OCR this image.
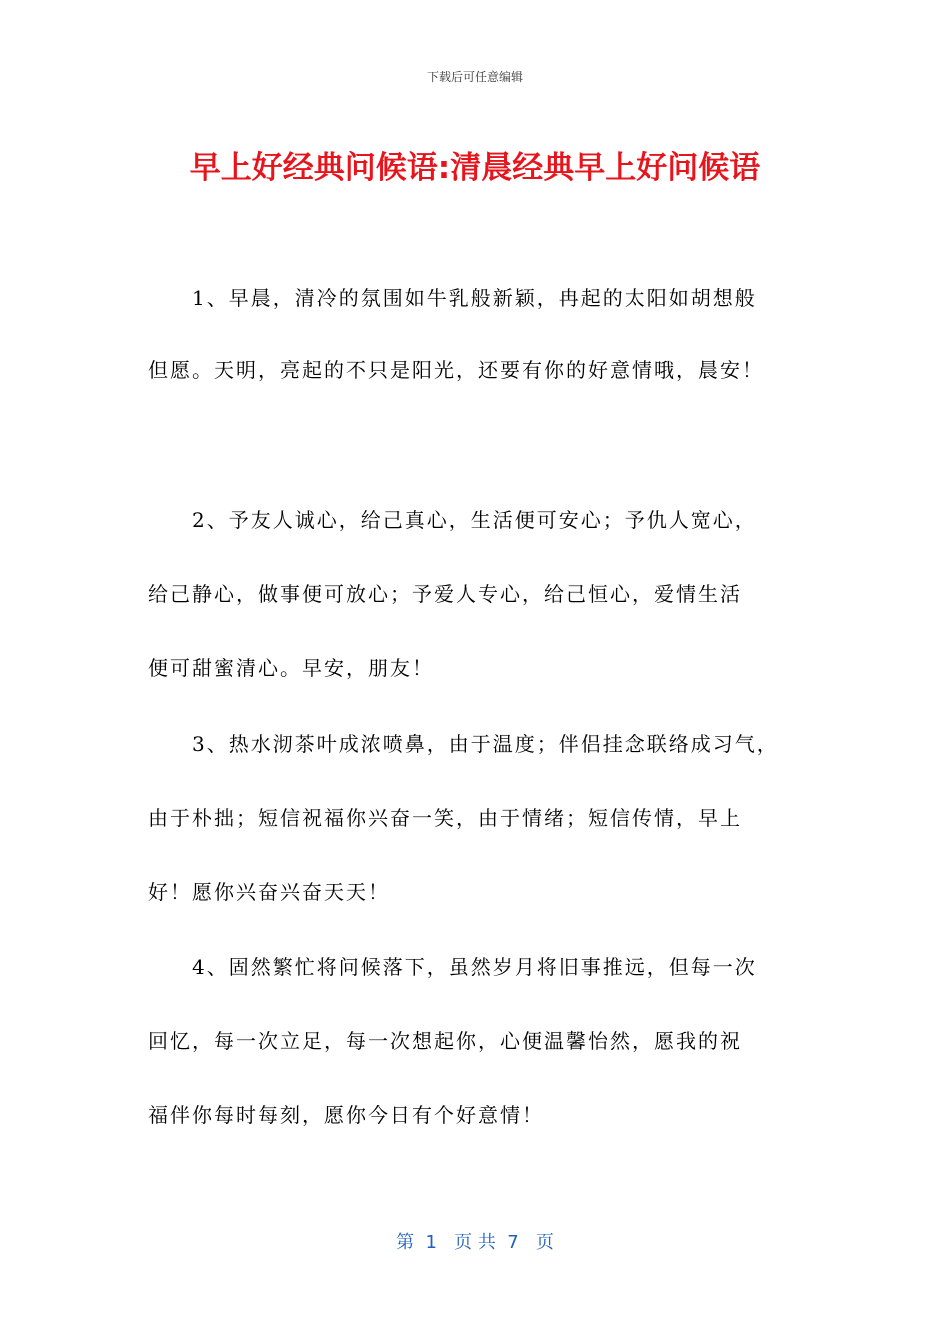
下载后可任意编辑
早上好经典问候语:清晨经典早上好问候语
1、早晨，清冷的氛围如牛乳般新颖，冉起的太阳如胡想般
但愿。天明，亮起的不只是阳光，还要有你的好意情哦，晨安！
2、予友人诚心，给己真心，生活便可安心；予仇人宽心，
给己静心，做事便可放心；予爱人专心，给己恒心，爱情生活
便可甜蜜清心。早安，朋友！
3、热水沏茶叶成浓喷鼻，由于温度；伴侣挂念联络成习气，
由于朴拙；短信祝福你兴奋一笑，由于情绪；短信传情，早上
好！愿你兴奋兴奋天天！
4、固然繁忙将问候落下，虽然岁月将旧事推远，但每一次
回忆，每一次立足，每一次想起你，心便温馨怡然，愿我的祝
福伴你每时每刻，愿你今日有个好意情！
第  1   页 共  7   页
